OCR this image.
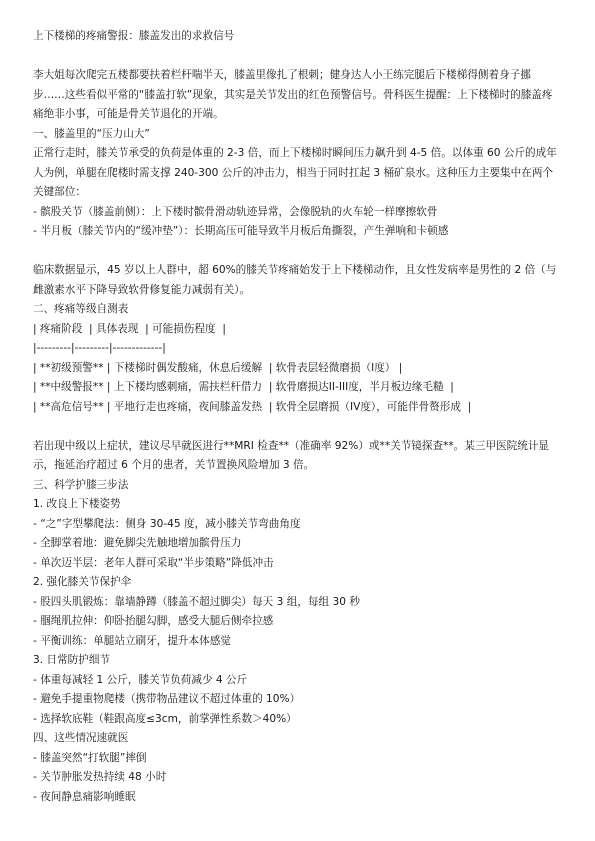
上下楼梯的疼痛警报：膝盖发出的求救信号
李大姐每次爬完五楼都要扶着栏杆喘半天，膝盖里像扎了根刺；健身达人小王练完腿后下楼梯得侧着身子挪步……这些看似平常的“膝盖打软”现象，其实是关节发出的红色预警信号。骨科医生提醒：上下楼梯时的膝盖疼痛绝非小事，可能是骨关节退化的开端。
一、膝盖里的“压力山大”
正常行走时，膝关节承受的负荷是体重的 2-3 倍，而上下楼梯时瞬间压力飙升到 4-5 倍。以体重 60 公斤的成年人为例，单腿在爬楼时需支撑 240-300 公斤的冲击力，相当于同时扛起 3 桶矿泉水。这种压力主要集中在两个关键部位：
- 髌股关节（膝盖前侧）：上下楼时髌骨滑动轨迹异常，会像脱轨的火车轮一样摩擦软骨
- 半月板（膝关节内的“缓冲垫”）：长期高压可能导致半月板后角撕裂，产生弹响和卡顿感
临床数据显示，45 岁以上人群中，超 60%的膝关节疼痛始发于上下楼梯动作，且女性发病率是男性的 2 倍（与雌激素水平下降导致软骨修复能力减弱有关）。
二、疼痛等级自测表
| 疼痛阶段  | 具体表现  | 可能损伤程度  |
|---------|---------|-------------|
| **初级预警** | 下楼梯时偶发酸痛，休息后缓解  | 软骨表层轻微磨损（I度） |
| **中级警报** | 上下楼均感刺痛，需扶栏杆借力  | 软骨磨损达II-III度，半月板边缘毛糙  |
| **高危信号** | 平地行走也疼痛，夜间膝盖发热  | 软骨全层磨损（IV度），可能伴骨赘形成  |
若出现中级以上症状，建议尽早就医进行**MRI 检查**（准确率 92%）或**关节镜探查**。某三甲医院统计显示，拖延治疗超过 6 个月的患者，关节置换风险增加 3 倍。
三、科学护膝三步法
1. 改良上下楼姿势
- “之”字型攀爬法：侧身 30-45 度，减小膝关节弯曲角度
- 全脚掌着地：避免脚尖先触地增加髌骨压力
- 单次迈半层：老年人群可采取“半步策略”降低冲击
2. 强化膝关节保护伞
- 股四头肌锻炼：靠墙静蹲（膝盖不超过脚尖）每天 3 组，每组 30 秒
- 腘绳肌拉伸：仰卧抬腿勾脚，感受大腿后侧牵拉感
- 平衡训练：单腿站立刷牙，提升本体感觉
3. 日常防护细节
- 体重每减轻 1 公斤，膝关节负荷减少 4 公斤
- 避免手提重物爬楼（携带物品建议不超过体重的 10%）
- 选择软底鞋（鞋跟高度≤3cm，前掌弹性系数＞40%）
四、这些情况速就医
- 膝盖突然“打软腿”摔倒
- 关节肿胀发热持续 48 小时
- 夜间静息痛影响睡眠
